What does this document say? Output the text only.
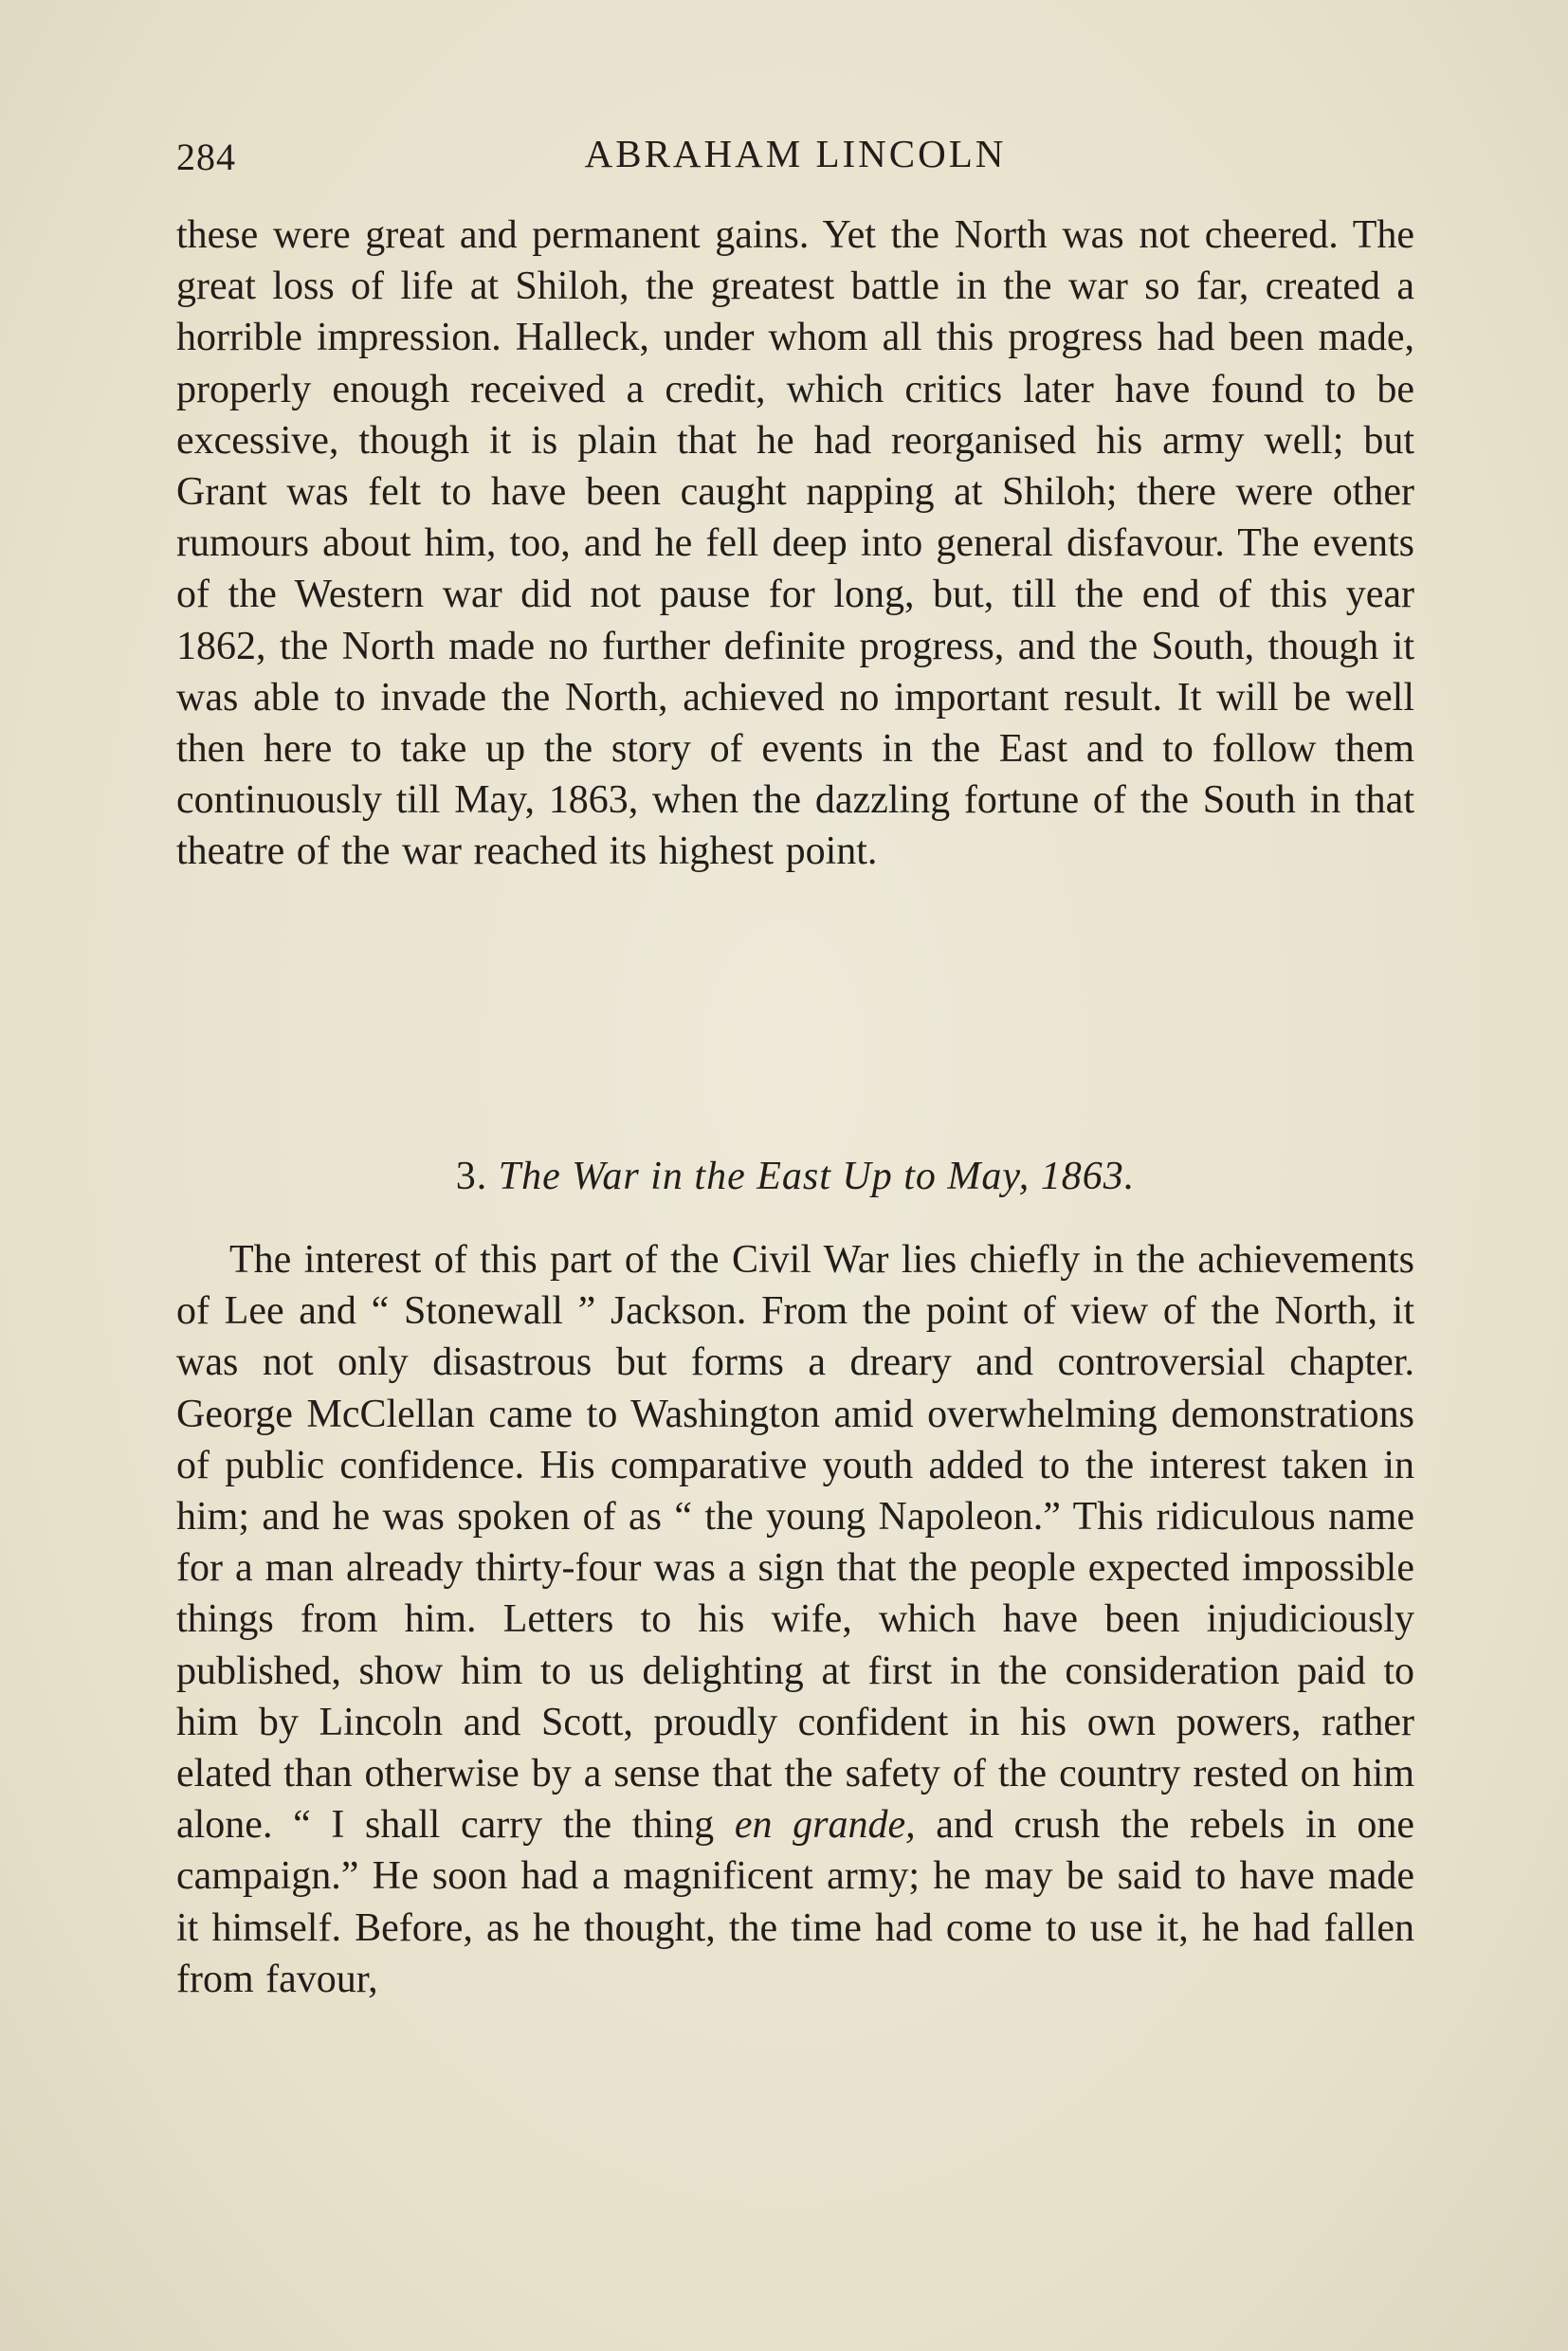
284	ABRAHAM LINCOLN

these were great and permanent gains. Yet the North was not cheered. The great loss of life at Shiloh, the greatest battle in the war so far, created a horrible impression. Halleck, under whom all this progress had been made, properly enough received a credit, which critics later have found to be excessive, though it is plain that he had reorganised his army well; but Grant was felt to have been caught napping at Shiloh; there were other rumours about him, too, and he fell deep into general disfavour. The events of the Western war did not pause for long, but, till the end of this year 1862, the North made no further definite progress, and the South, though it was able to invade the North, achieved no important result. It will be well then here to take up the story of events in the East and to follow them continuously till May, 1863, when the dazzling fortune of the South in that theatre of the war reached its highest point.

3. The War in the East Up to May, 1863.

The interest of this part of the Civil War lies chiefly in the achievements of Lee and “ Stonewall ” Jackson. From the point of view of the North, it was not only disastrous but forms a dreary and controversial chapter. George McClellan came to Washington amid overwhelming demonstrations of public confidence. His comparative youth added to the interest taken in him; and he was spoken of as “ the young Napoleon.” This ridiculous name for a man already thirty-four was a sign that the people expected impossible things from him. Letters to his wife, which have been injudiciously published, show him to us delighting at first in the consideration paid to him by Lincoln and Scott, proudly confident in his own powers, rather elated than otherwise by a sense that the safety of the country rested on him alone. “ I shall carry the thing en grande, and crush the rebels in one campaign.” He soon had a magnificent army; he may be said to have made it himself. Before, as he thought, the time had come to use it, he had fallen from favour,
